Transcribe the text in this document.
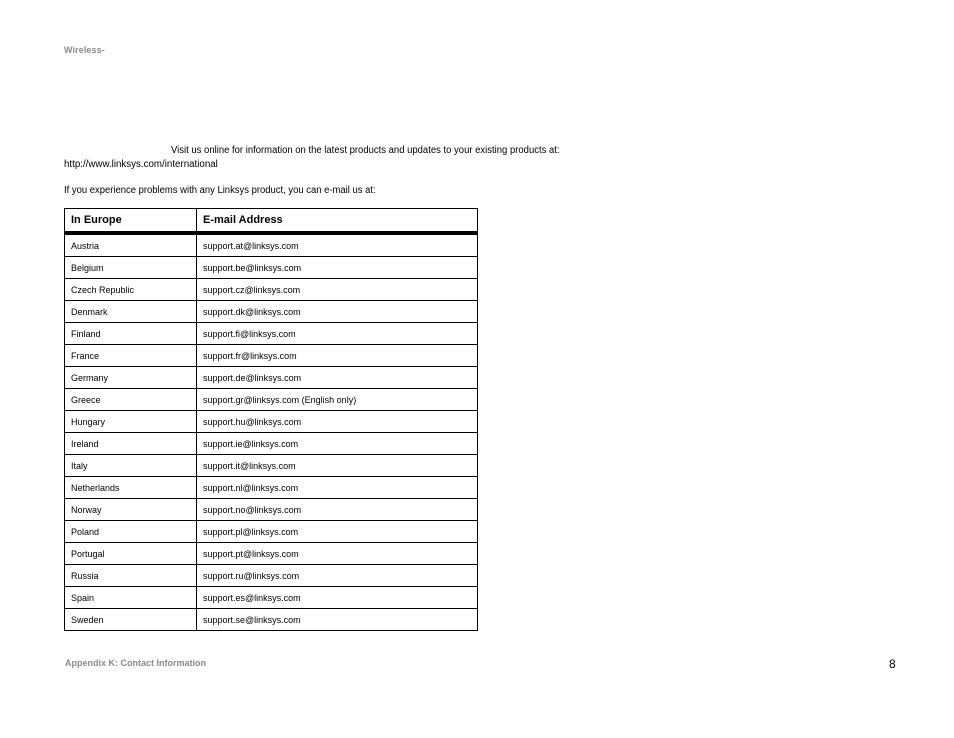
Wireless-
Visit us online for information on the latest products and updates to your existing products at:
http://www.linksys.com/international
If you experience problems with any Linksys product, you can e-mail us at:
In Europe	E-mail Address
Austria	support.at@linksys.com
Belgium	support.be@linksys.com
Czech Republic	support.cz@linksys.com
Denmark	support.dk@linksys.com
Finland	support.fi@linksys.com
France	support.fr@linksys.com
Germany	support.de@linksys.com
Greece	support.gr@linksys.com (English only)
Hungary	support.hu@linksys.com
Ireland	support.ie@linksys.com
Italy	support.it@linksys.com
Netherlands	support.nl@linksys.com
Norway	support.no@linksys.com
Poland	support.pl@linksys.com
Portugal	support.pt@linksys.com
Russia	support.ru@linksys.com
Spain	support.es@linksys.com
Sweden	support.se@linksys.com
Appendix K: Contact Information	8
